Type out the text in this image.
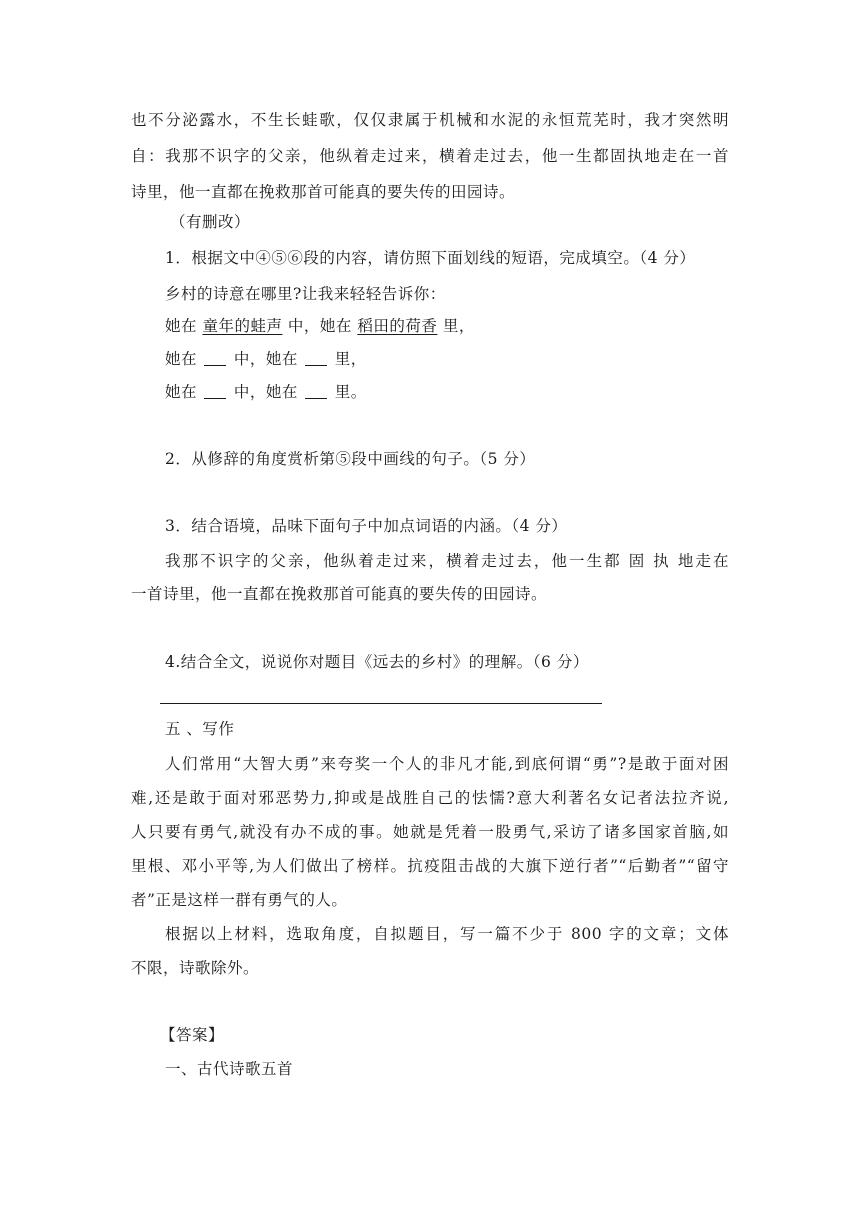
也不分泌露水，不生长蛙歌，仅仅隶属于机械和水泥的永恒荒芜时，我才突然明
自：我那不识字的父亲，他纵着走过来，横着走过去，他一生都固执地走在一首
诗里，他一直都在挽救那首可能真的要失传的田园诗。
（有删改）
1．根据文中④⑤⑥段的内容，请仿照下面划线的短语，完成填空。（4 分）
乡村的诗意在哪里?让我来轻轻告诉你：
她在 童年的蛙声 中，她在 稻田的荷香 里，
她在 中，她在 里，
她在 中，她在 里。
2．从修辞的角度赏析第⑤段中画线的句子。（5 分）
3．结合语境，品味下面句子中加点词语的内涵。（4 分）
我那不识字的父亲，他纵着走过来，横着走过去，他一生都 固 执 地走在
一首诗里，他一直都在挽救那首可能真的要失传的田园诗。
4.结合全文，说说你对题目《远去的乡村》的理解。（6 分）
五 、写作
人们常用“大智大勇”来夸奖一个人的非凡才能,到底何谓“勇”?是敢于面对困
难,还是敢于面对邪恶势力,抑或是战胜自己的怯懦?意大利著名女记者法拉齐说,
人只要有勇气,就没有办不成的事。她就是凭着一股勇气,采访了诸多国家首脑,如
里根、邓小平等,为人们做出了榜样。抗疫阻击战的大旗下逆行者”“后勤者”“留守
者”正是这样一群有勇气的人。
根据以上材料，选取角度，自拟题目，写一篇不少于 800 字的文章；文体
不限，诗歌除外。
【答案】
一、古代诗歌五首
